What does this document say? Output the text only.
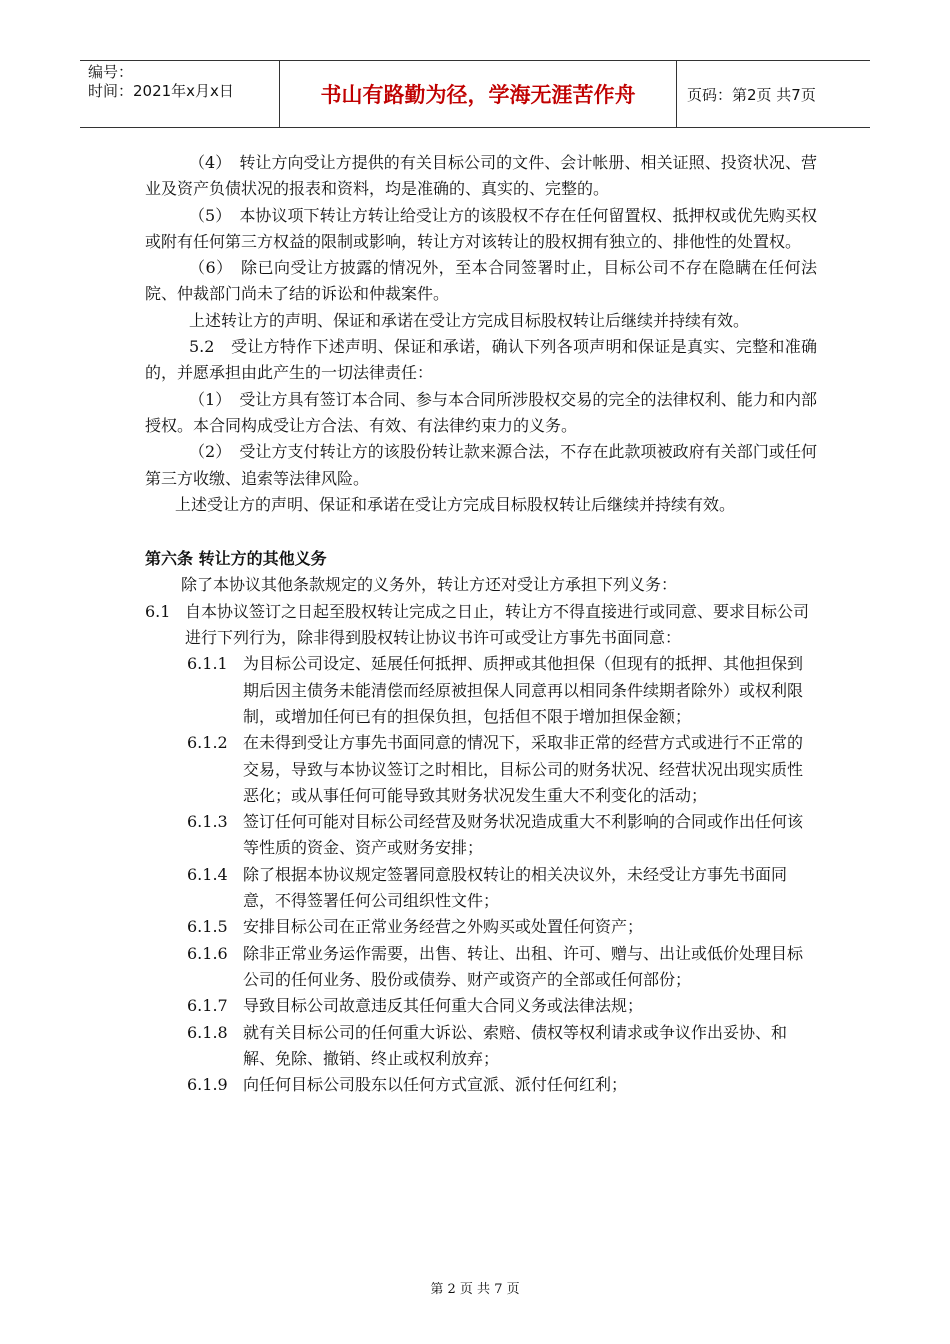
编号：
时间：2021年x月x日	书山有路勤为径，学海无涯苦作舟	页码：第2页 共7页

（4）　转让方向受让方提供的有关目标公司的文件、会计帐册、相关证照、投资状况、营业及资产负债状况的报表和资料，均是准确的、真实的、完整的。

（5）　本协议项下转让方转让给受让方的该股权不存在任何留置权、抵押权或优先购买权或附有任何第三方权益的限制或影响，转让方对该转让的股权拥有独立的、排他性的处置权。

（6）　除已向受让方披露的情况外，至本合同签署时止，目标公司不存在隐瞒在任何法院、仲裁部门尚未了结的诉讼和仲裁案件。

上述转让方的声明、保证和承诺在受让方完成目标股权转让后继续并持续有效。

5.2　受让方特作下述声明、保证和承诺，确认下列各项声明和保证是真实、完整和准确的，并愿承担由此产生的一切法律责任：

（1）　受让方具有签订本合同、参与本合同所涉股权交易的完全的法律权利、能力和内部授权。本合同构成受让方合法、有效、有法律约束力的义务。

（2）　受让方支付转让方的该股份转让款来源合法，不存在此款项被政府有关部门或任何第三方收缴、追索等法律风险。

上述受让方的声明、保证和承诺在受让方完成目标股权转让后继续并持续有效。

第六条 转让方的其他义务

除了本协议其他条款规定的义务外，转让方还对受让方承担下列义务：

6.1 自本协议签订之日起至股权转让完成之日止，转让方不得直接进行或同意、要求目标公司进行下列行为，除非得到股权转让协议书许可或受让方事先书面同意：
6.1.1 为目标公司设定、延展任何抵押、质押或其他担保（但现有的抵押、其他担保到期后因主债务未能清偿而经原被担保人同意再以相同条件续期者除外）或权利限制，或增加任何已有的担保负担，包括但不限于增加担保金额；
6.1.2 在未得到受让方事先书面同意的情况下，采取非正常的经营方式或进行不正常的交易，导致与本协议签订之时相比，目标公司的财务状况、经营状况出现实质性恶化；或从事任何可能导致其财务状况发生重大不利变化的活动；
6.1.3 签订任何可能对目标公司经营及财务状况造成重大不利影响的合同或作出任何该等性质的资金、资产或财务安排；
6.1.4 除了根据本协议规定签署同意股权转让的相关决议外，未经受让方事先书面同意，不得签署任何公司组织性文件；
6.1.5 安排目标公司在正常业务经营之外购买或处置任何资产；
6.1.6 除非正常业务运作需要，出售、转让、出租、许可、赠与、出让或低价处理目标公司的任何业务、股份或债券、财产或资产的全部或任何部份；
6.1.7 导致目标公司故意违反其任何重大合同义务或法律法规；
6.1.8 就有关目标公司的任何重大诉讼、索赔、债权等权利请求或争议作出妥协、和解、免除、撤销、终止或权利放弃；
6.1.9 向任何目标公司股东以任何方式宣派、派付任何红利；
第 2 页 共 7 页
